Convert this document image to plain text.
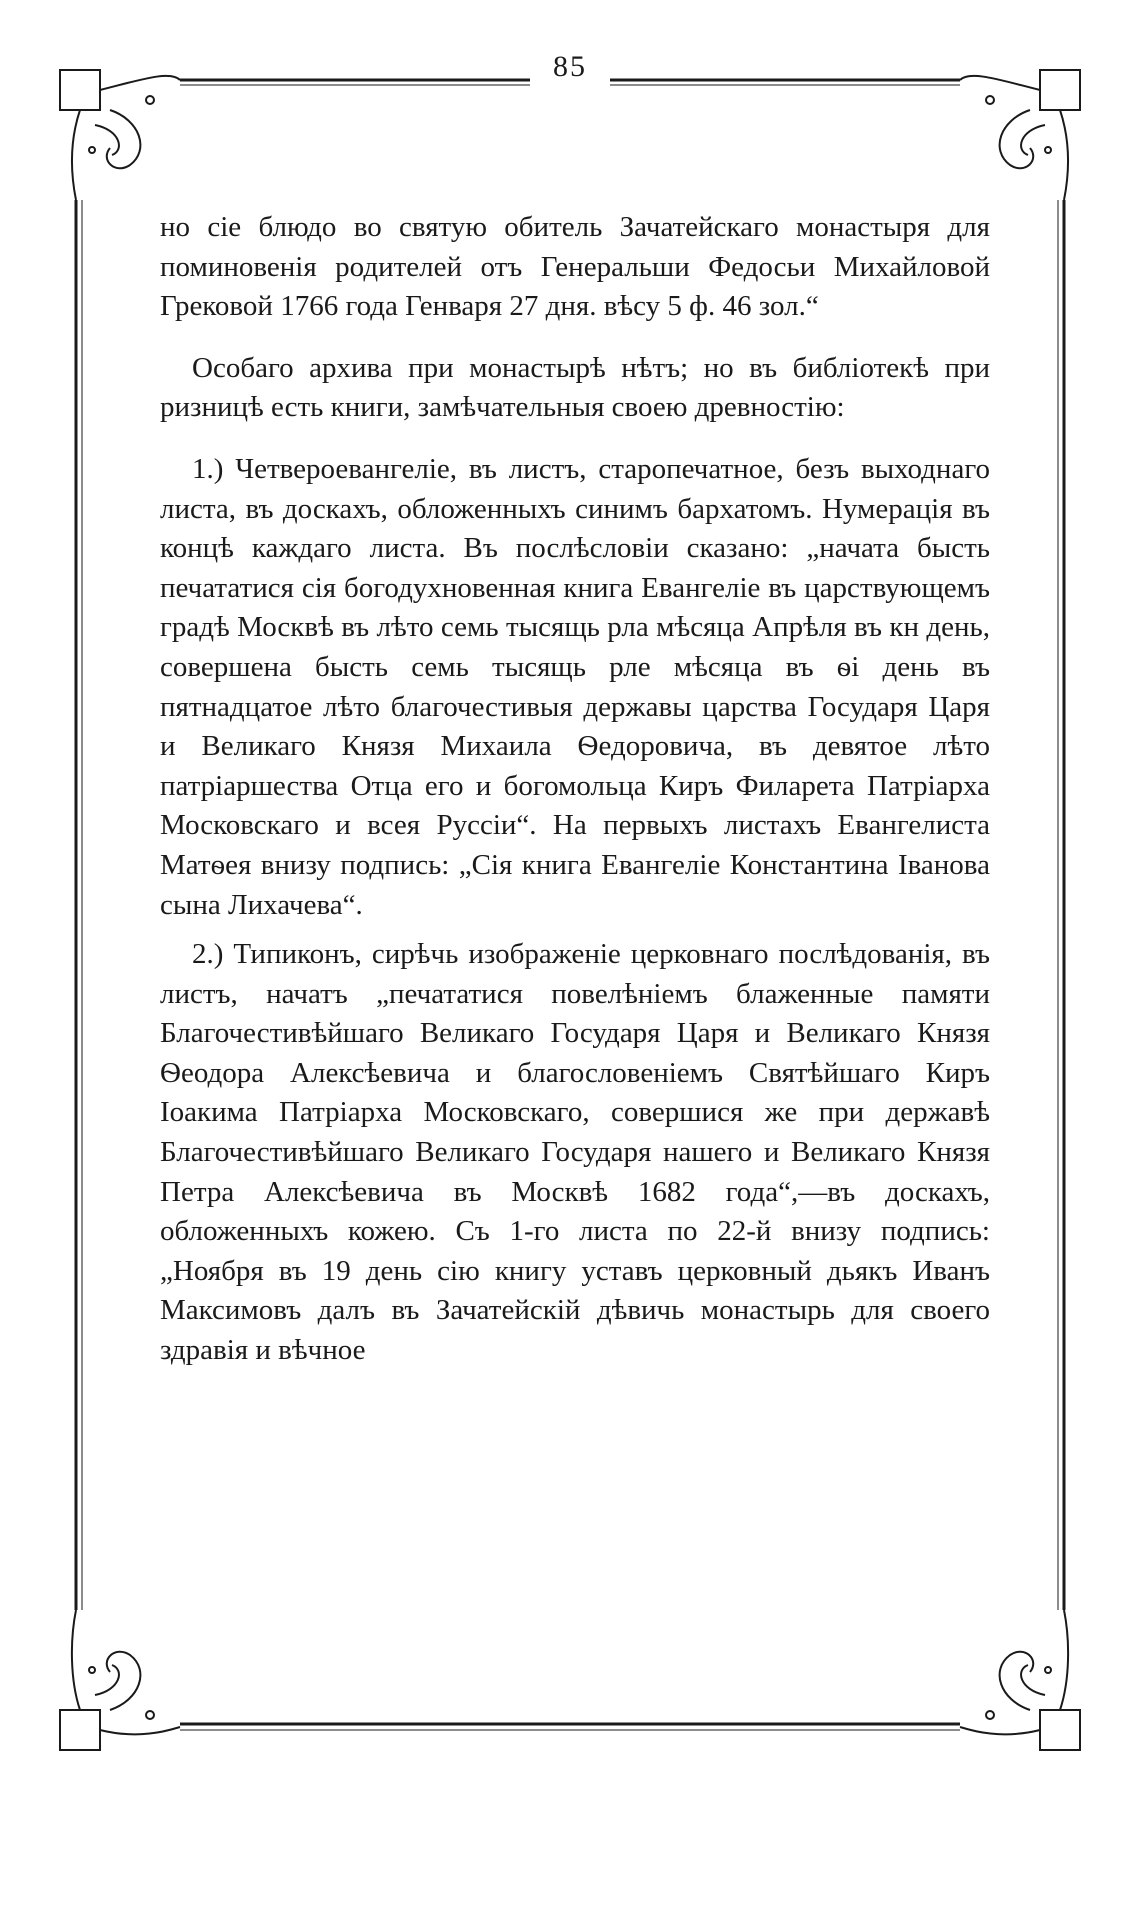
85

но сіе блюдо во святую обитель Зачатейскаго монастыря для поминовенія родителей отъ Генеральши Федосьи Михайловой Грековой 1766 года Генваря 27 дня. вѣсу 5 ф. 46 зол.“

Особаго архива при монастырѣ нѣтъ; но въ библіотекѣ при ризницѣ есть книги, замѣчательныя своею древностію:

1.) Четвероевангеліе, въ листъ, старопечатное, безъ выходнаго листа, въ доскахъ, обложенныхъ синимъ бархатомъ. Нумерація въ концѣ каждаго листа. Въ послѣсловіи сказано: „начата бысть печататися сія богодухновенная книга Евангеліе въ царствующемъ градѣ Москвѣ въ лѣто семь тысящь рла мѣсяца Апрѣля въ кн день, совершена бысть семь тысящь рле мѣсяца въ ѳі день въ пятнадцатое лѣто благочестивыя державы царства Государя Царя и Великаго Князя Михаила Ѳедоровича, въ девятое лѣто патріаршества Отца его и богомольца Киръ Филарета Патріарха Московскаго и всея Руссіи“. На первыхъ листахъ Евангелиста Матѳея внизу подпись: „Сія книга Евангеліе Константина Іванова сына Лихачева“.

2.) Типиконъ, сирѣчь изображеніе церковнаго послѣдованія, въ листъ, начатъ „печататися повелѣніемъ блаженные памяти Благочестивѣйшаго Великаго Государя Царя и Великаго Князя Ѳеодора Алексѣевича и благословеніемъ Святѣйшаго Киръ Іоакима Патріарха Московскаго, совершися же при державѣ Благочестивѣйшаго Великаго Государя нашего и Великаго Князя Петра Алексѣевича въ Москвѣ 1682 года“,—въ доскахъ, обложенныхъ кожею. Съ 1-го листа по 22-й внизу подпись: „Ноября въ 19 день сію книгу уставъ церковный дьякъ Иванъ Максимовъ далъ въ Зачатейскій дѣвичь монастырь для своего здравія и вѣчное
